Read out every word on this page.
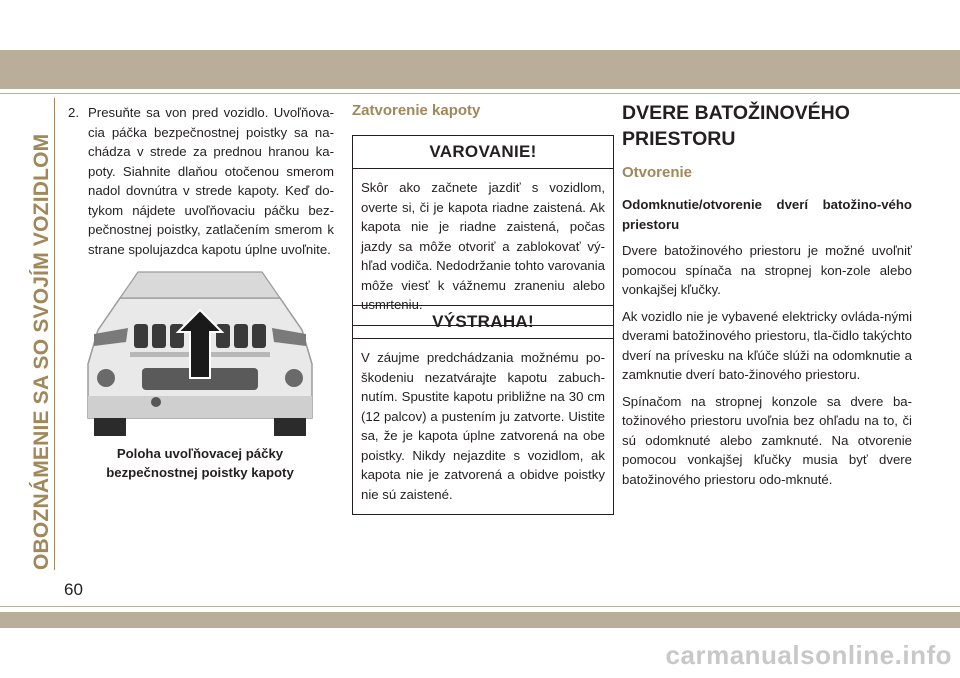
OBOZNÁMENIE SA SO SVOJÍM VOZIDLOM
60
2. Presuňte sa von pred vozidlo. Uvoľňova-cia páčka bezpečnostnej poistky sa na-chádza v strede za prednou hranou ka-poty. Siahnite dlaňou otočenou smerom nadol dovnútra v strede kapoty. Keď do-tykom nájdete uvoľňovaciu páčku bez-pečnostnej poistky, zatlačením smerom k strane spolujazdca kapotu úplne uvoľnite.
Poloha uvoľňovacej páčky
bezpečnostnej poistky kapoty
Zatvorenie kapoty
VAROVANIE!
Skôr ako začnete jazdiť s vozidlom, overte si, či je kapota riadne zaistená. Ak kapota nie je riadne zaistená, počas jazdy sa môže otvoriť a zablokovať vý-hľad vodiča. Nedodržanie tohto varovania môže viesť k vážnemu zraneniu alebo usmrteniu.
VÝSTRAHA!
V záujme predchádzania možnému po-škodeniu nezatvárajte kapotu zabuch-nutím. Spustite kapotu približne na 30 cm (12 palcov) a pustením ju zatvorte. Uistite sa, že je kapota úplne zatvorená na obe poistky. Nikdy nejazdite s vozidlom, ak kapota nie je zatvorená a obidve poistky nie sú zaistené.
DVERE BATOŽINOVÉHO
PRIESTORU
Otvorenie
Odomknutie/otvorenie dverí batožino-vého priestoru

Dvere batožinového priestoru je možné uvoľniť pomocou spínača na stropnej kon-zole alebo vonkajšej kľučky.

Ak vozidlo nie je vybavené elektricky ovláda-nými dverami batožinového priestoru, tla-čidlo takýchto dverí na prívesku na kľúče slúži na odomknutie a zamknutie dverí bato-žinového priestoru.

Spínačom na stropnej konzole sa dvere ba-tožinového priestoru uvoľnia bez ohľadu na to, či sú odomknuté alebo zamknuté. Na otvorenie pomocou vonkajšej kľučky musia byť dvere batožinového priestoru odo-mknuté.

carmanualsonline.info
